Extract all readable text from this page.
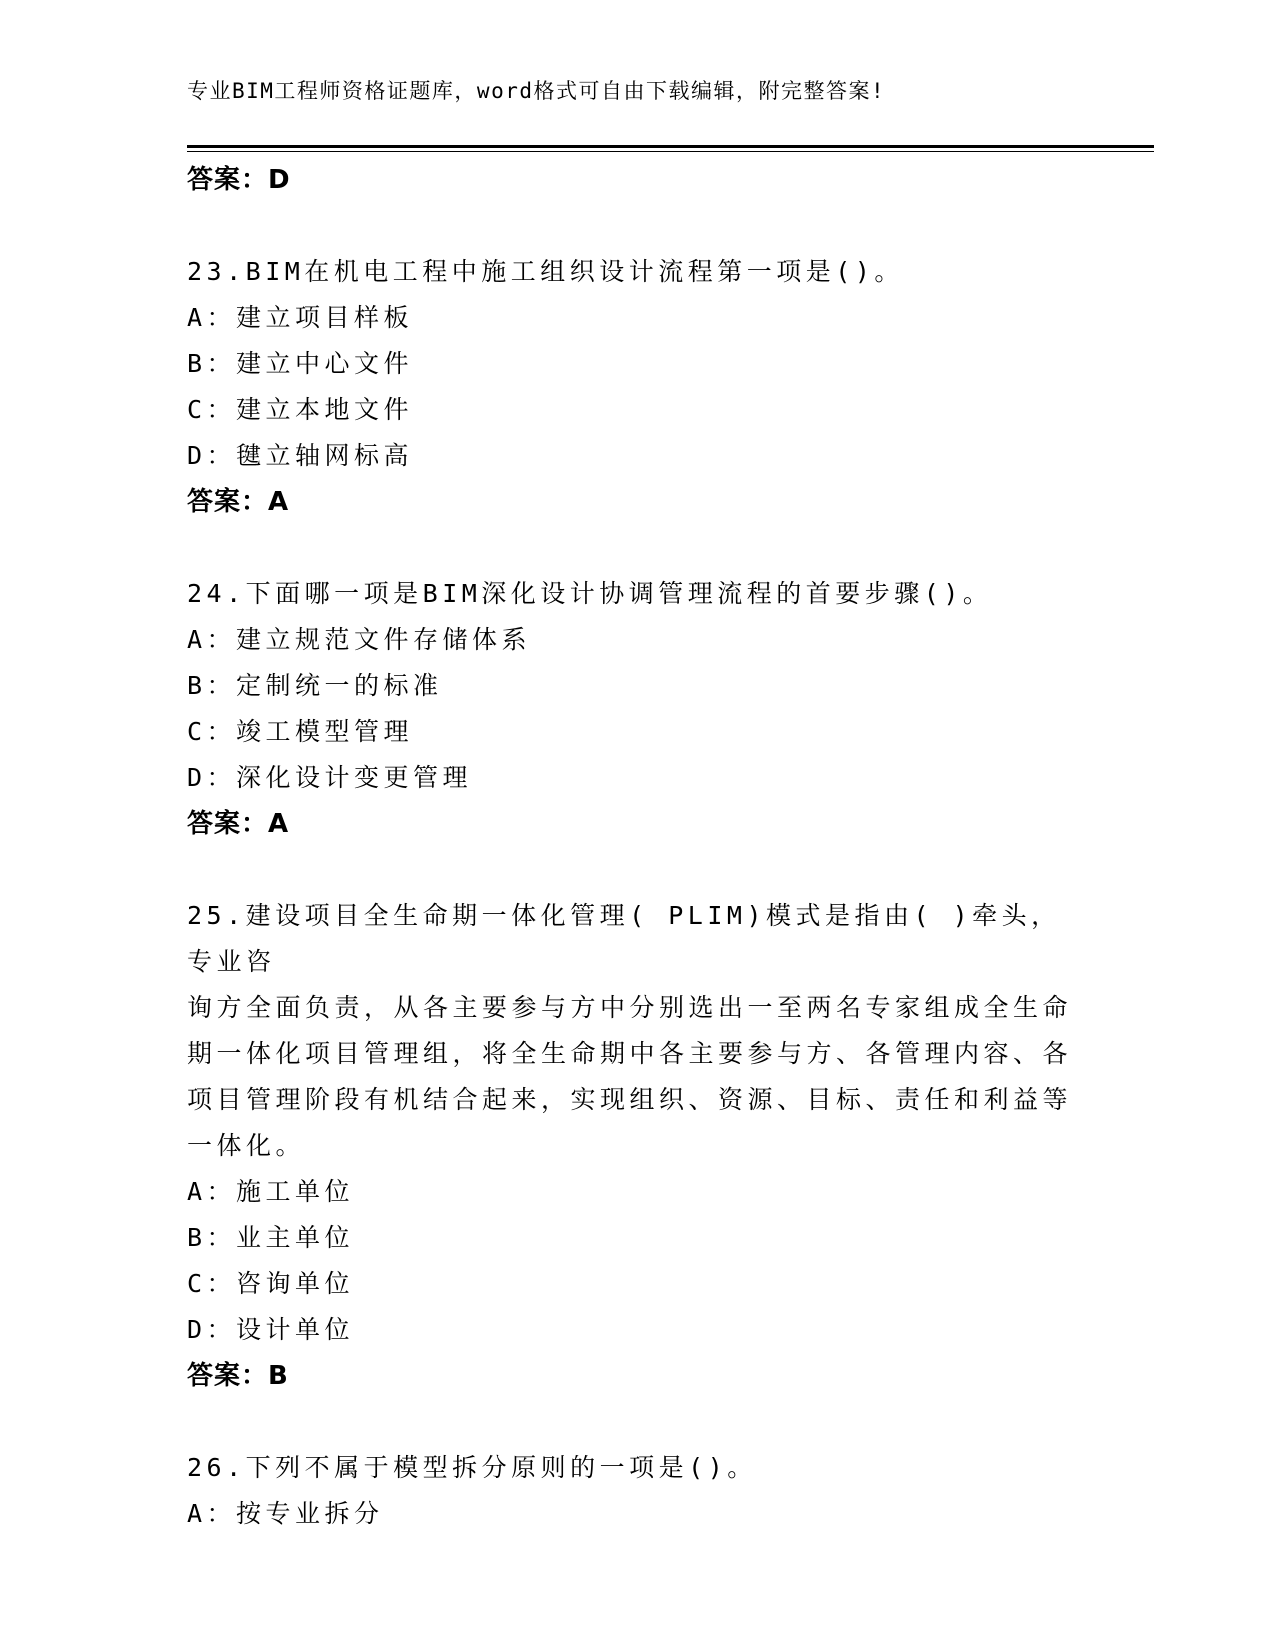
专业BIM工程师资格证题库，word格式可自由下载编辑，附完整答案!
答案：D
23.BIM在机电工程中施工组织设计流程第一项是()。
A：建立项目样板
B：建立中心文件
C：建立本地文件
D：毽立轴网标高
答案：A
24.下面哪一项是BIM深化设计协调管理流程的首要步骤()。
A：建立规范文件存储体系
B：定制统一的标准
C：竣工模型管理
D：深化设计变更管理
答案：A
25.建设项目全生命期一体化管理( PLIM)模式是指由( )牵头，专业咨
询方全面负责，从各主要参与方中分别选出一至两名专家组成全生命
期一体化项目管理组，将全生命期中各主要参与方、各管理内容、各
项目管理阶段有机结合起来，实现组织、资源、目标、责任和利益等
一体化。
A：施工单位
B：业主单位
C：咨询单位
D：设计单位
答案：B
26.下列不属于模型拆分原则的一项是()。
A：按专业拆分
